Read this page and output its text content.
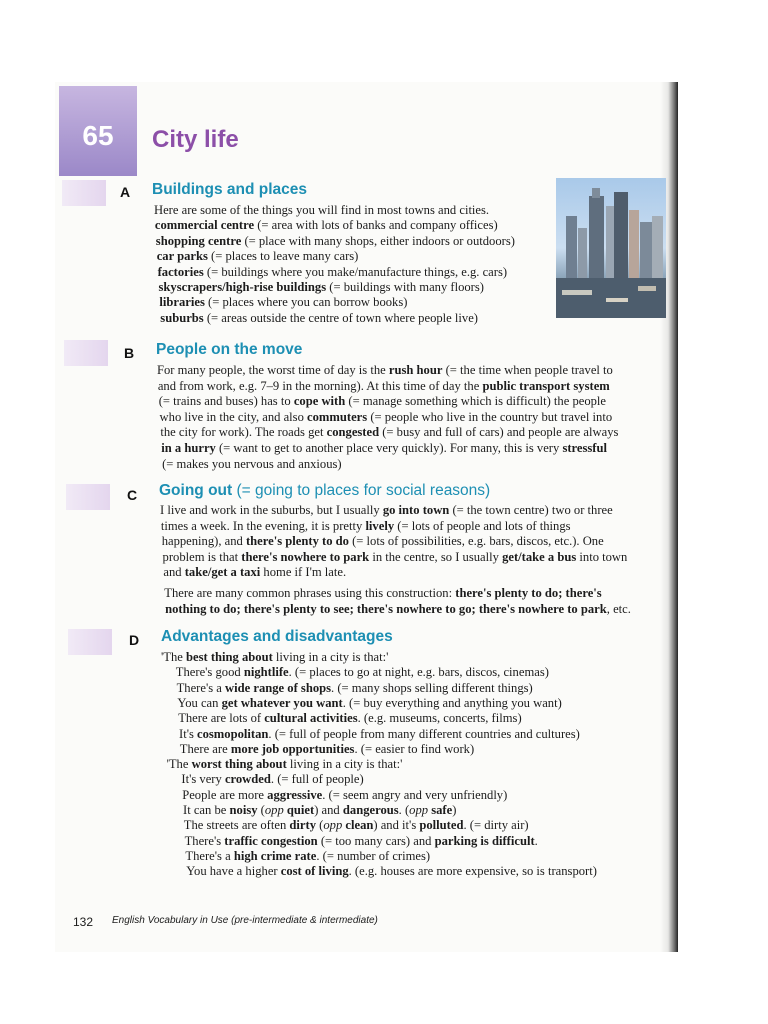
65	City life
A Buildings and places
Here are some of the things you will find in most towns and cities.
commercial centre (= area with lots of banks and company offices)
shopping centre (= place with many shops, either indoors or outdoors)
car parks (= places to leave many cars)
factories (= buildings where you make/manufacture things, e.g. cars)
skyscrapers/high-rise buildings (= buildings with many floors)
libraries (= places where you can borrow books)
suburbs (= areas outside the centre of town where people live)
B People on the move
For many people, the worst time of day is the rush hour (= the time when people travel to
and from work, e.g. 7–9 in the morning). At this time of day the public transport system
(= trains and buses) has to cope with (= manage something which is difficult) the people
who live in the city, and also commuters (= people who live in the country but travel into
the city for work). The roads get congested (= busy and full of cars) and people are always
in a hurry (= want to get to another place very quickly). For many, this is very stressful
(= makes you nervous and anxious)
C Going out (= going to places for social reasons)
I live and work in the suburbs, but I usually go into town (= the town centre) two or three
times a week. In the evening, it is pretty lively (= lots of people and lots of things
happening), and there's plenty to do (= lots of possibilities, e.g. bars, discos, etc.). One
problem is that there's nowhere to park in the centre, so I usually get/take a bus into town
and take/get a taxi home if I'm late.
There are many common phrases using this construction: there's plenty to do; there's
nothing to do; there's plenty to see; there's nowhere to go; there's nowhere to park, etc.
D Advantages and disadvantages
'The best thing about living in a city is that:'
There's good nightlife. (= places to go at night, e.g. bars, discos, cinemas)
There's a wide range of shops. (= many shops selling different things)
You can get whatever you want. (= buy everything and anything you want)
There are lots of cultural activities. (e.g. museums, concerts, films)
It's cosmopolitan. (= full of people from many different countries and cultures)
There are more job opportunities. (= easier to find work)
'The worst thing about living in a city is that:'
It's very crowded. (= full of people)
People are more aggressive. (= seem angry and very unfriendly)
It can be noisy (opp quiet) and dangerous. (opp safe)
The streets are often dirty (opp clean) and it's polluted. (= dirty air)
There's traffic congestion (= too many cars) and parking is difficult.
There's a high crime rate. (= number of crimes)
You have a higher cost of living. (e.g. houses are more expensive, so is transport)
132 English Vocabulary in Use (pre-intermediate & intermediate)
